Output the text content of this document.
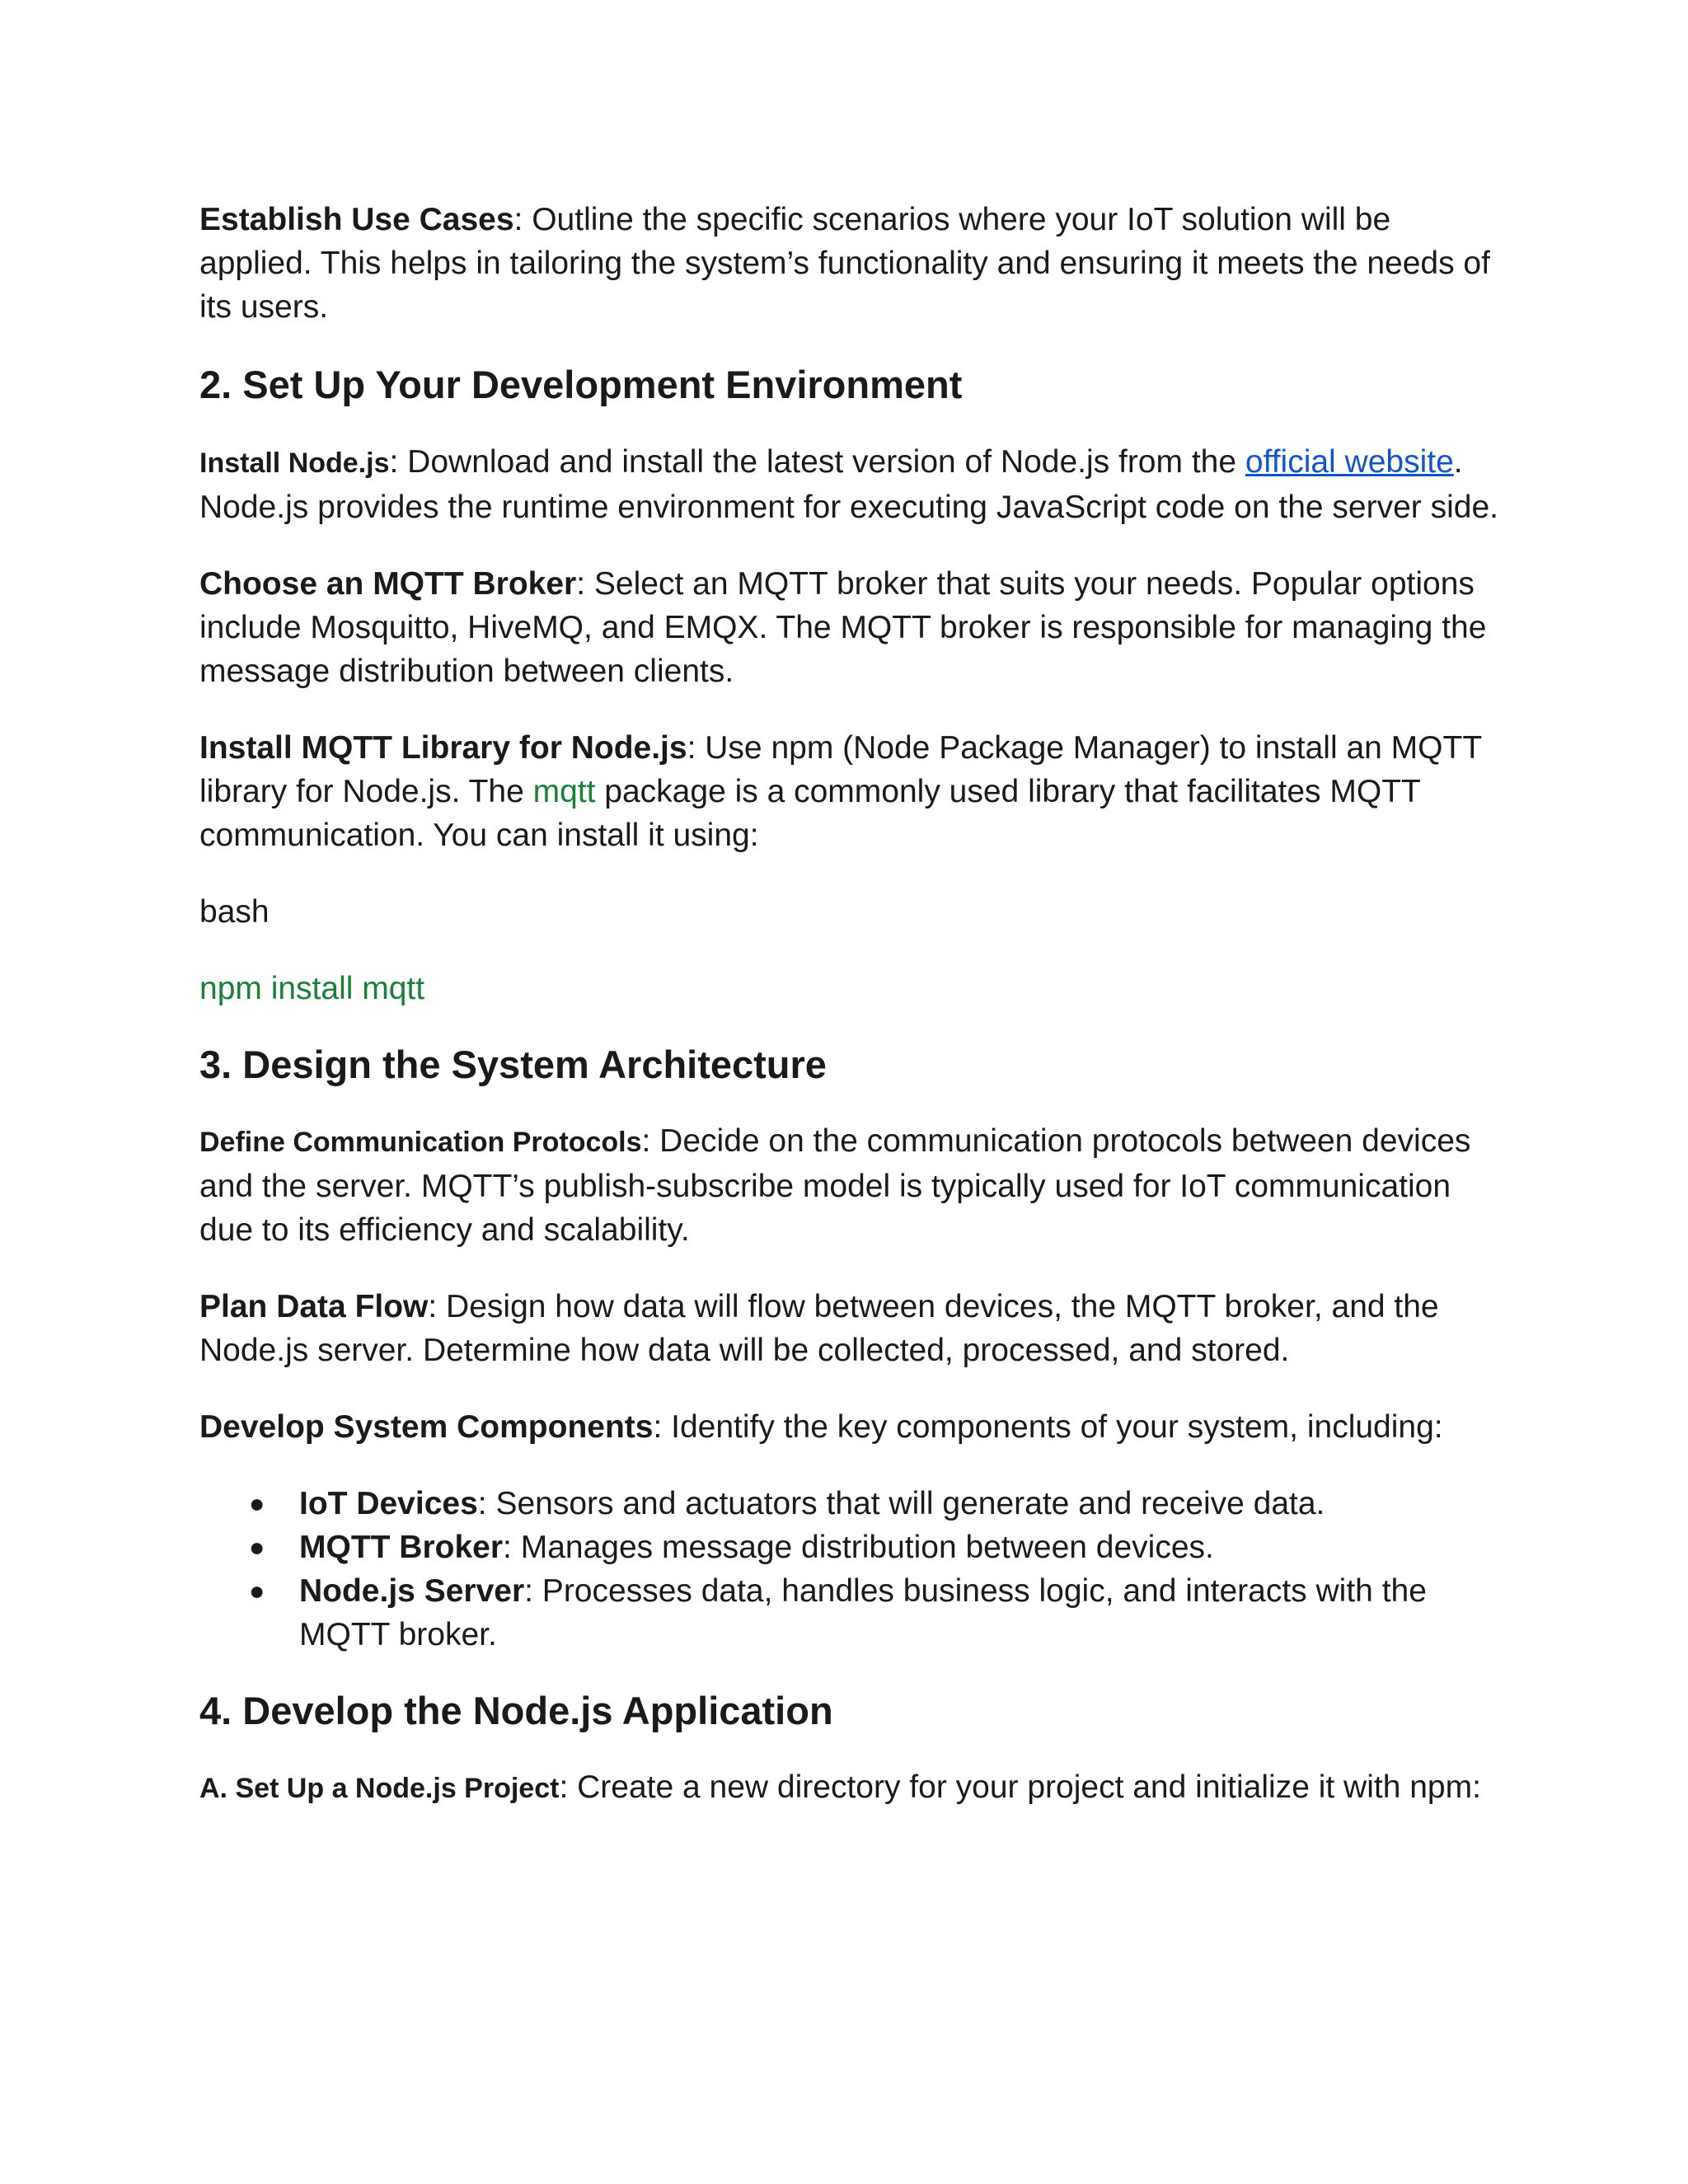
Establish Use Cases: Outline the specific scenarios where your IoT solution will be applied. This helps in tailoring the system’s functionality and ensuring it meets the needs of its users.

2. Set Up Your Development Environment

Install Node.js: Download and install the latest version of Node.js from the official website. Node.js provides the runtime environment for executing JavaScript code on the server side.

Choose an MQTT Broker: Select an MQTT broker that suits your needs. Popular options include Mosquitto, HiveMQ, and EMQX. The MQTT broker is responsible for managing the message distribution between clients.

Install MQTT Library for Node.js: Use npm (Node Package Manager) to install an MQTT library for Node.js. The mqtt package is a commonly used library that facilitates MQTT communication. You can install it using:

bash

npm install mqtt

3. Design the System Architecture

Define Communication Protocols: Decide on the communication protocols between devices and the server. MQTT’s publish-subscribe model is typically used for IoT communication due to its efficiency and scalability.

Plan Data Flow: Design how data will flow between devices, the MQTT broker, and the Node.js server. Determine how data will be collected, processed, and stored.

Develop System Components: Identify the key components of your system, including:

● IoT Devices: Sensors and actuators that will generate and receive data.
● MQTT Broker: Manages message distribution between devices.
● Node.js Server: Processes data, handles business logic, and interacts with the MQTT broker.
4. Develop the Node.js Application

A. Set Up a Node.js Project: Create a new directory for your project and initialize it with npm:
